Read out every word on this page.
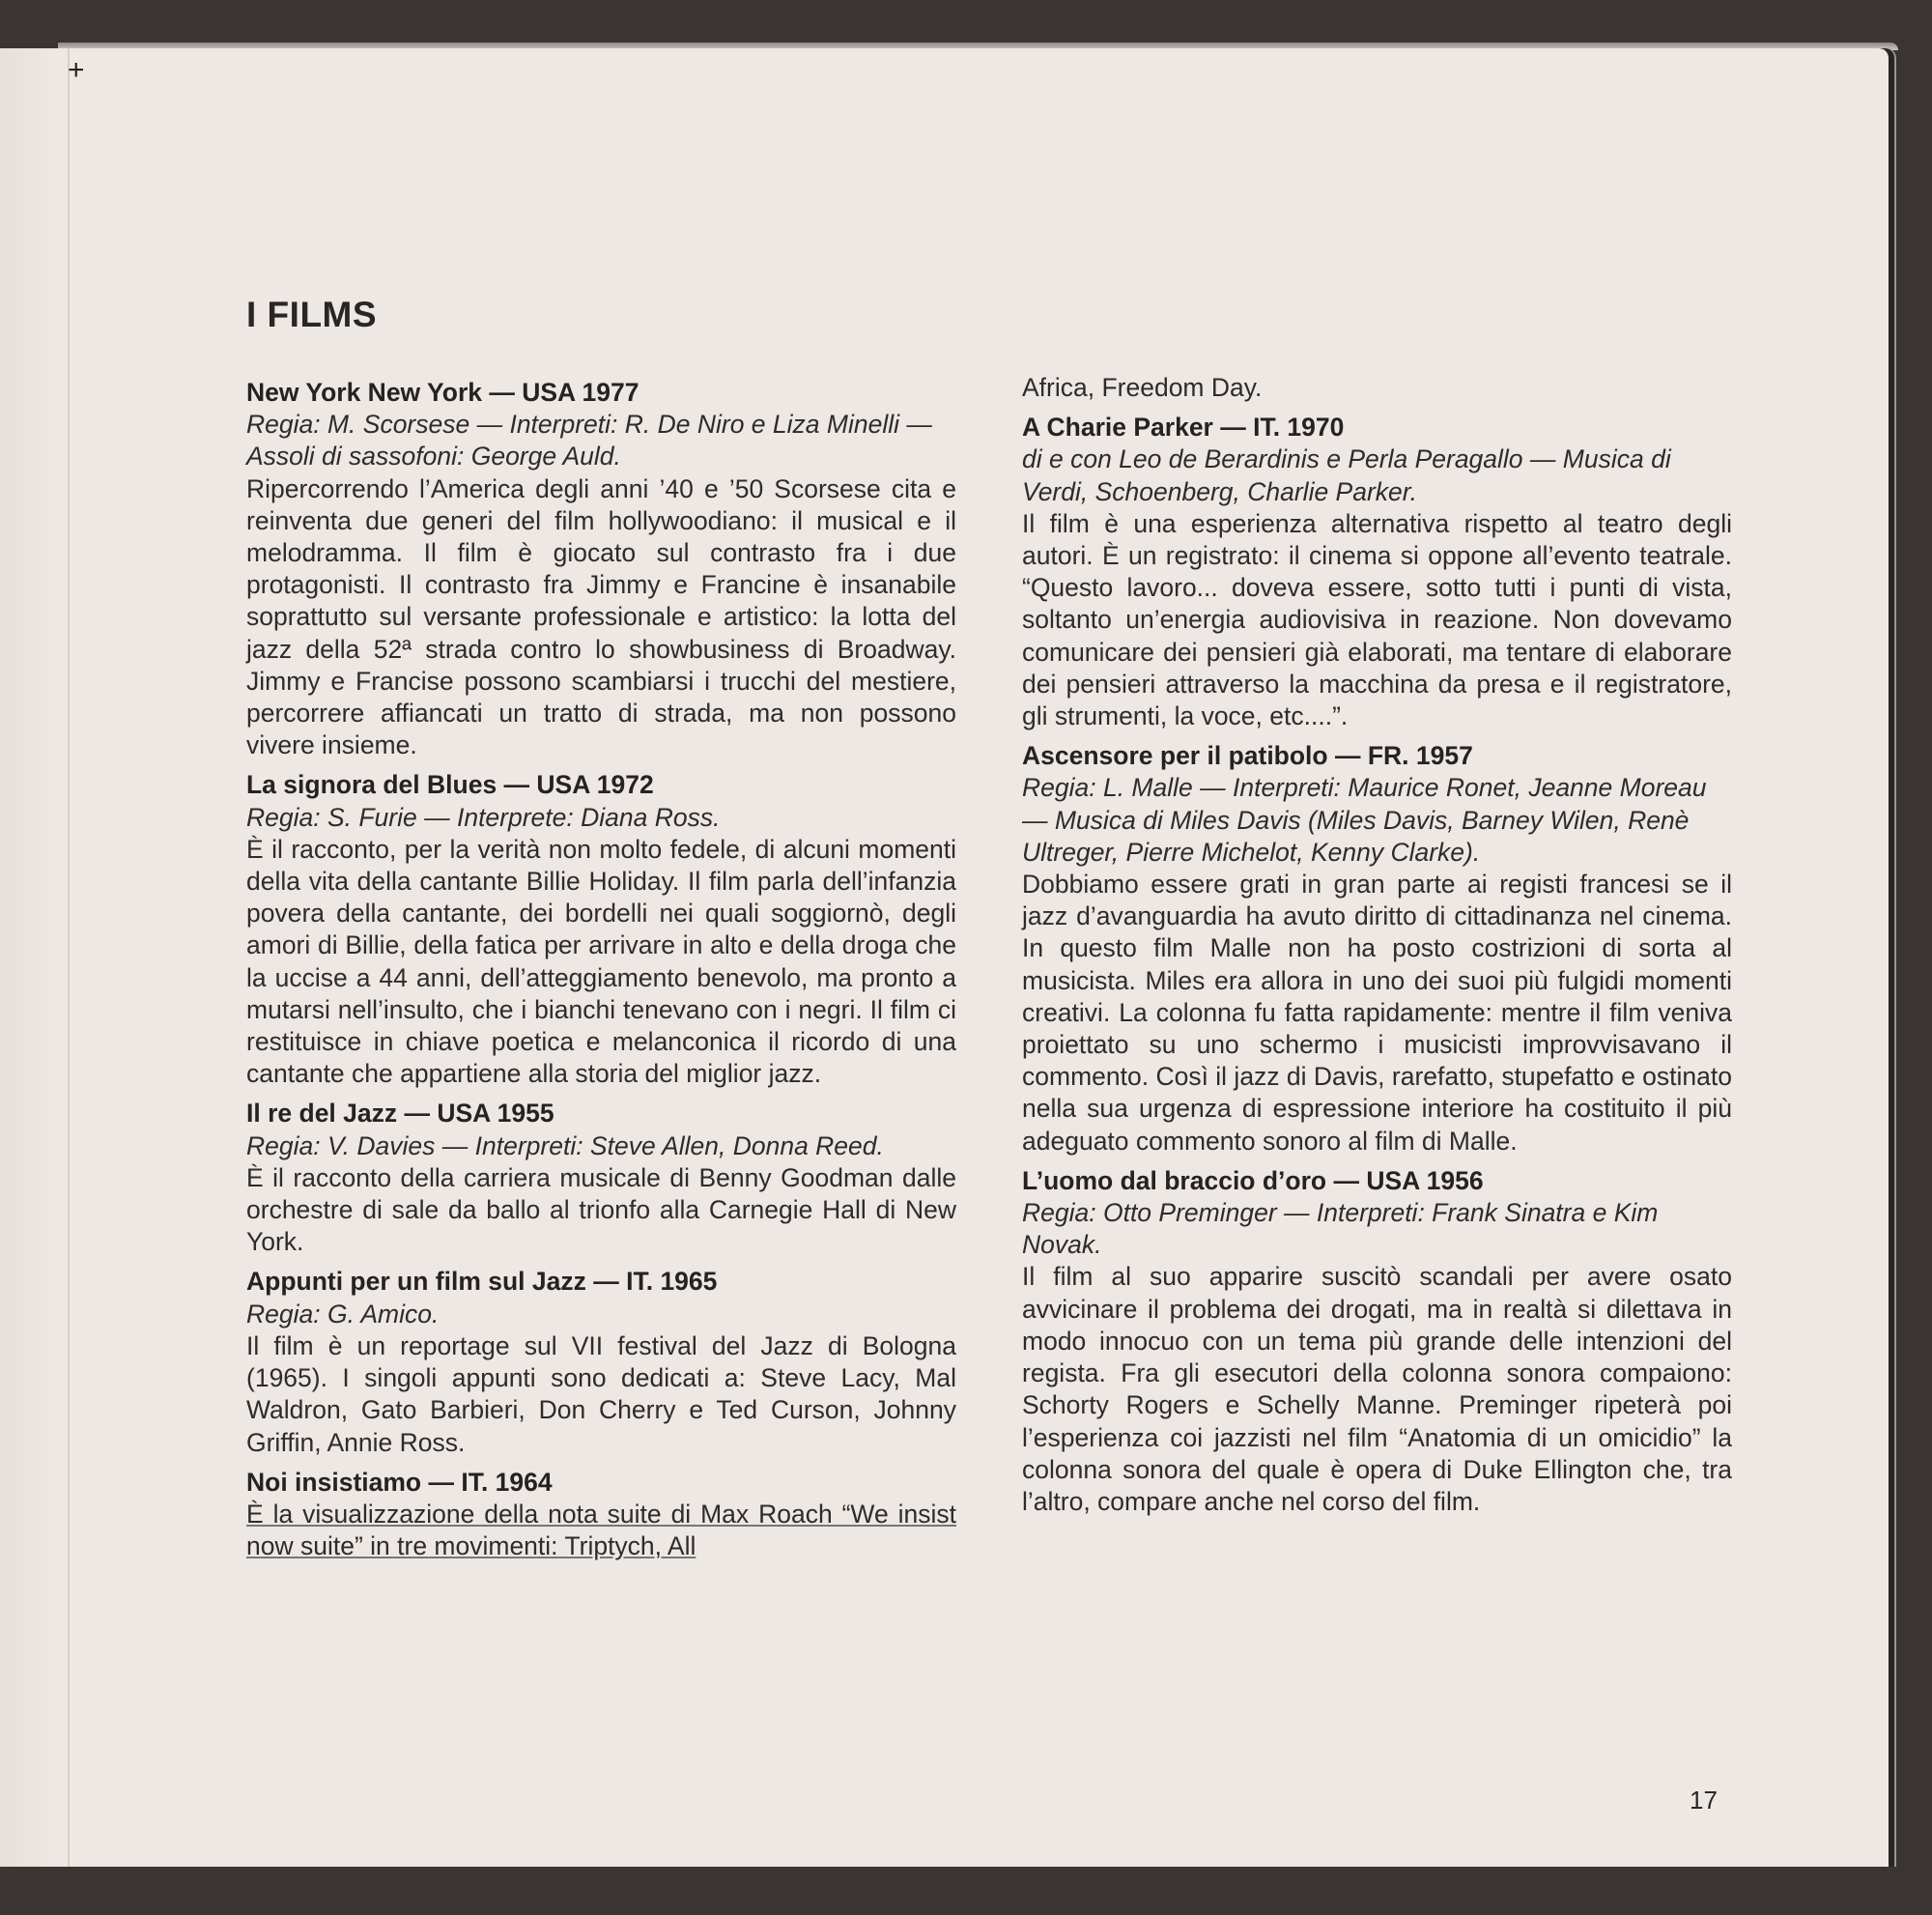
+
I FILMS
New York New York — USA 1977
Regia: M. Scorsese — Interpreti: R. De Niro e Liza Minelli — Assoli di sassofoni: George Auld.
Ripercorrendo l’America degli anni ’40 e ’50 Scorsese cita e reinventa due generi del film hollywoodiano: il musical e il melodramma. Il film è giocato sul contrasto fra i due protagonisti. Il contrasto fra Jimmy e Francine è insanabile soprattutto sul versante professionale e artistico: la lotta del jazz della 52ª strada contro lo showbusiness di Broadway. Jimmy e Francise possono scambiarsi i trucchi del mestiere, percorrere affiancati un tratto di strada, ma non possono vivere insieme.
La signora del Blues — USA 1972
Regia: S. Furie — Interprete: Diana Ross.
È il racconto, per la verità non molto fedele, di alcuni momenti della vita della cantante Billie Holiday. Il film parla dell’infanzia povera della cantante, dei bordelli nei quali soggiornò, degli amori di Billie, della fatica per arrivare in alto e della droga che la uccise a 44 anni, dell’atteggiamento benevolo, ma pronto a mutarsi nell’insulto, che i bianchi tenevano con i negri. Il film ci restituisce in chiave poetica e melanconica il ricordo di una cantante che appartiene alla storia del miglior jazz.
Il re del Jazz — USA 1955
Regia: V. Davies — Interpreti: Steve Allen, Donna Reed.
È il racconto della carriera musicale di Benny Goodman dalle orchestre di sale da ballo al trionfo alla Carnegie Hall di New York.
Appunti per un film sul Jazz — IT. 1965
Regia: G. Amico.
Il film è un reportage sul VII festival del Jazz di Bologna (1965). I singoli appunti sono dedicati a: Steve Lacy, Mal Waldron, Gato Barbieri, Don Cherry e Ted Curson, Johnny Griffin, Annie Ross.
Noi insistiamo — IT. 1964
È la visualizzazione della nota suite di Max Roach “We insist now suite” in tre movimenti: Triptych, All
Africa, Freedom Day.
A Charie Parker — IT. 1970
di e con Leo de Berardinis e Perla Peragallo — Musica di Verdi, Schoenberg, Charlie Parker.
Il film è una esperienza alternativa rispetto al teatro degli autori. È un registrato: il cinema si oppone all’evento teatrale. “Questo lavoro... doveva essere, sotto tutti i punti di vista, soltanto un’energia audiovisiva in reazione. Non dovevamo comunicare dei pensieri già elaborati, ma tentare di elaborare dei pensieri attraverso la macchina da presa e il registratore, gli strumenti, la voce, etc....”.
Ascensore per il patibolo — FR. 1957
Regia: L. Malle — Interpreti: Maurice Ronet, Jeanne Moreau — Musica di Miles Davis (Miles Davis, Barney Wilen, Renè Ultreger, Pierre Michelot, Kenny Clarke).
Dobbiamo essere grati in gran parte ai registi francesi se il jazz d’avanguardia ha avuto diritto di cittadinanza nel cinema. In questo film Malle non ha posto costrizioni di sorta al musicista. Miles era allora in uno dei suoi più fulgidi momenti creativi. La colonna fu fatta rapidamente: mentre il film veniva proiettato su uno schermo i musicisti improvvisavano il commento. Così il jazz di Davis, rarefatto, stupefatto e ostinato nella sua urgenza di espressione interiore ha costituito il più adeguato commento sonoro al film di Malle.
L’uomo dal braccio d’oro — USA 1956
Regia: Otto Preminger — Interpreti: Frank Sinatra e Kim Novak.
Il film al suo apparire suscitò scandali per avere osato avvicinare il problema dei drogati, ma in realtà si dilettava in modo innocuo con un tema più grande delle intenzioni del regista. Fra gli esecutori della colonna sonora compaiono: Schorty Rogers e Schelly Manne. Preminger ripeterà poi l’esperienza coi jazzisti nel film “Anatomia di un omicidio” la colonna sonora del quale è opera di Duke Ellington che, tra l’altro, compare anche nel corso del film.
17
